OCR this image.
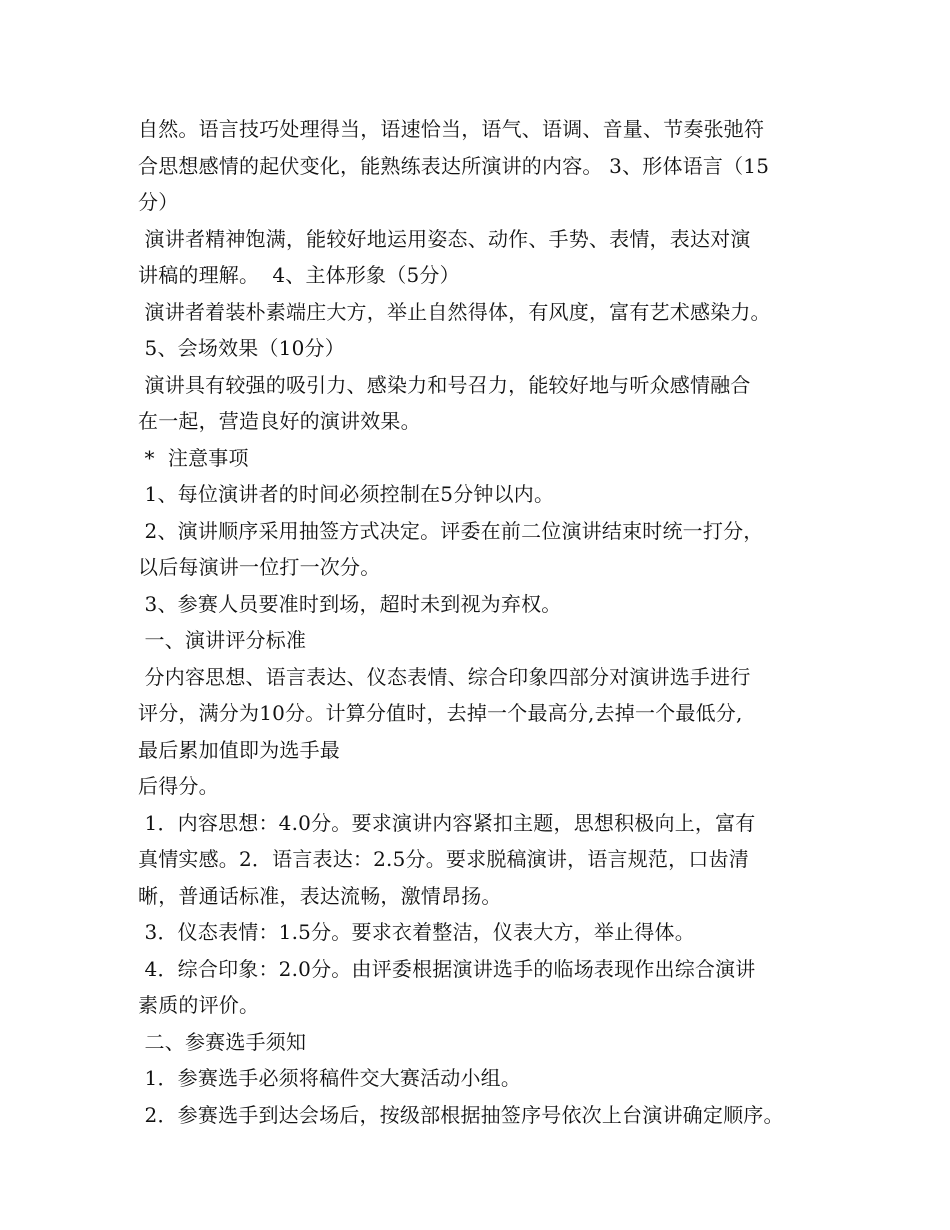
自然。语言技巧处理得当，语速恰当，语气、语调、音量、节奏张弛符
合思想感情的起伏变化，能熟练表达所演讲的内容。 3、形体语言（15
分）
演讲者精神饱满，能较好地运用姿态、动作、手势、表情，表达对演
讲稿的理解。  4、主体形象（5分）
演讲者着装朴素端庄大方，举止自然得体，有风度，富有艺术感染力。
5、会场效果（10分）
演讲具有较强的吸引力、感染力和号召力，能较好地与听众感情融合
在一起，营造良好的演讲效果。
*  注意事项
1、每位演讲者的时间必须控制在5分钟以内。
2、演讲顺序采用抽签方式决定。评委在前二位演讲结束时统一打分，
以后每演讲一位打一次分。
3、参赛人员要准时到场，超时未到视为弃权。
一、演讲评分标准
分内容思想、语言表达、仪态表情、综合印象四部分对演讲选手进行
评分，满分为10分。计算分值时，去掉一个最高分,去掉一个最低分,
最后累加值即为选手最
后得分。
1．内容思想：4.0分。要求演讲内容紧扣主题，思想积极向上，富有
真情实感。2．语言表达：2.5分。要求脱稿演讲，语言规范，口齿清
晰，普通话标准，表达流畅，激情昂扬。
3．仪态表情：1.5分。要求衣着整洁，仪表大方，举止得体。
4．综合印象：2.0分。由评委根据演讲选手的临场表现作出综合演讲
素质的评价。
二、参赛选手须知
1．参赛选手必须将稿件交大赛活动小组。
2．参赛选手到达会场后，按级部根据抽签序号依次上台演讲确定顺序。
